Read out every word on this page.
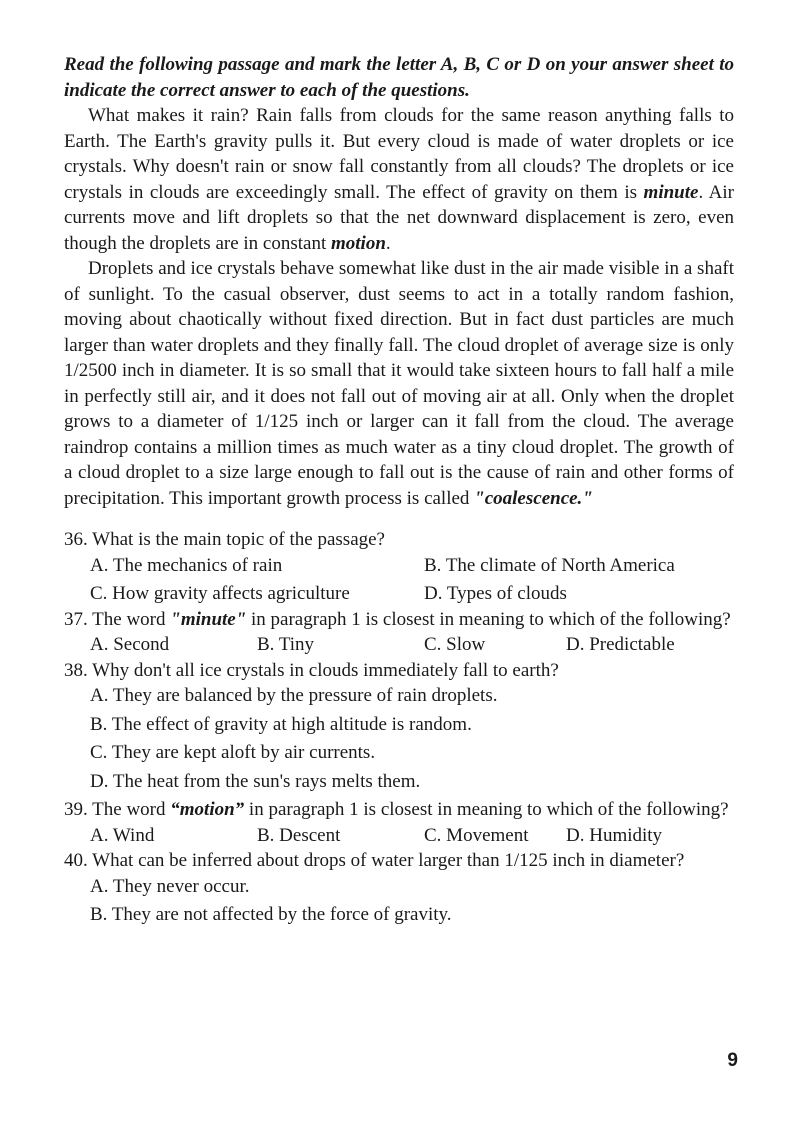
Read the following passage and mark the letter A, B, C or D on your answer sheet to indicate the correct answer to each of the questions.

What makes it rain? Rain falls from clouds for the same reason anything falls to Earth. The Earth's gravity pulls it. But every cloud is made of water droplets or ice crystals. Why doesn't rain or snow fall constantly from all clouds? The droplets or ice crystals in clouds are exceedingly small. The effect of gravity on them is minute. Air currents move and lift droplets so that the net downward displacement is zero, even though the droplets are in constant motion.

Droplets and ice crystals behave somewhat like dust in the air made visible in a shaft of sunlight. To the casual observer, dust seems to act in a totally random fashion, moving about chaotically without fixed direction. But in fact dust particles are much larger than water droplets and they finally fall. The cloud droplet of average size is only 1/2500 inch in diameter. It is so small that it would take sixteen hours to fall half a mile in perfectly still air, and it does not fall out of moving air at all. Only when the droplet grows to a diameter of 1/125 inch or larger can it fall from the cloud. The average raindrop contains a million times as much water as a tiny cloud droplet. The growth of a cloud droplet to a size large enough to fall out is the cause of rain and other forms of precipitation. This important growth process is called "coalescence."

36. What is the main topic of the passage?

A. The mechanics of rain	B. The climate of North America
C. How gravity affects agriculture	D. Types of clouds

37. The word "minute" in paragraph 1 is closest in meaning to which of the following?

A. Second	B. Tiny	C. Slow	D. Predictable

38. Why don't all ice crystals in clouds immediately fall to earth?

A. They are balanced by the pressure of rain droplets.
B. The effect of gravity at high altitude is random.
C. They are kept aloft by air currents.
D. The heat from the sun's rays melts them.

39. The word “motion” in paragraph 1 is closest in meaning to which of the following?

A. Wind	B. Descent	C. Movement	D. Humidity

40. What can be inferred about drops of water larger than 1/125 inch in diameter?

A. They never occur.
B. They are not affected by the force of gravity.
9
